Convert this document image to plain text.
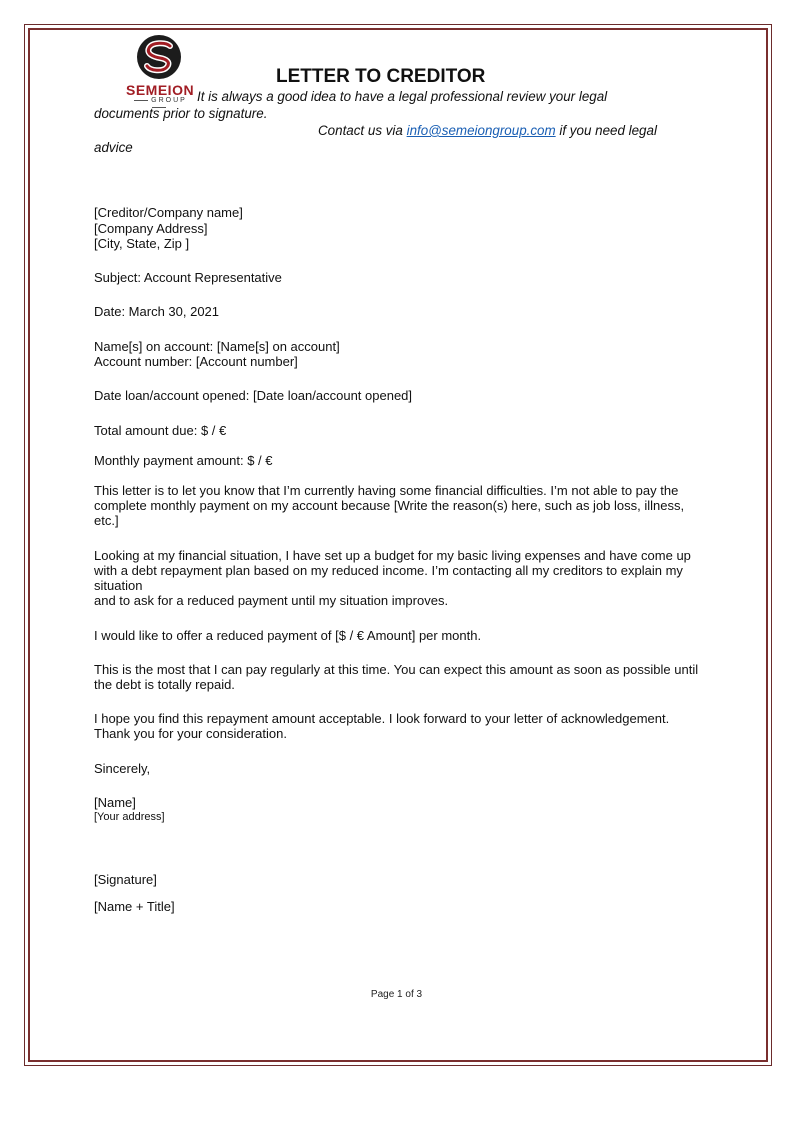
SEMEION
GROUP
LETTER TO CREDITOR
It is always a good idea to have a legal professional review your legal
documents prior to signature.
Contact us via info@semeiongroup.com if you need legal
advice
[Creditor/Company name]
[Company Address]
[City, State, Zip ]
Subject: Account Representative
Date: March 30, 2021
Name[s] on account: [Name[s] on account]
Account number: [Account number]
Date loan/account opened: [Date loan/account opened]
Total amount due: $ / €
Monthly payment amount: $ / €
This letter is to let you know that I’m currently having some financial difficulties. I’m not able to pay the complete monthly payment on my account because [Write the reason(s) here, such as job loss, illness, etc.]
Looking at my financial situation, I have set up a budget for my basic living expenses and have come up with a debt repayment plan based on my reduced income. I’m contacting all my creditors to explain my situation
and to ask for a reduced payment until my situation improves.
I would like to offer a reduced payment of [$ / € Amount] per month.
This is the most that I can pay regularly at this time. You can expect this amount as soon as possible until the debt is totally repaid.
I hope you find this repayment amount acceptable. I look forward to your letter of acknowledgement. Thank you for your consideration.
Sincerely,
[Name]
[Your address]
[Signature]
[Name + Title]
Page 1 of 3
